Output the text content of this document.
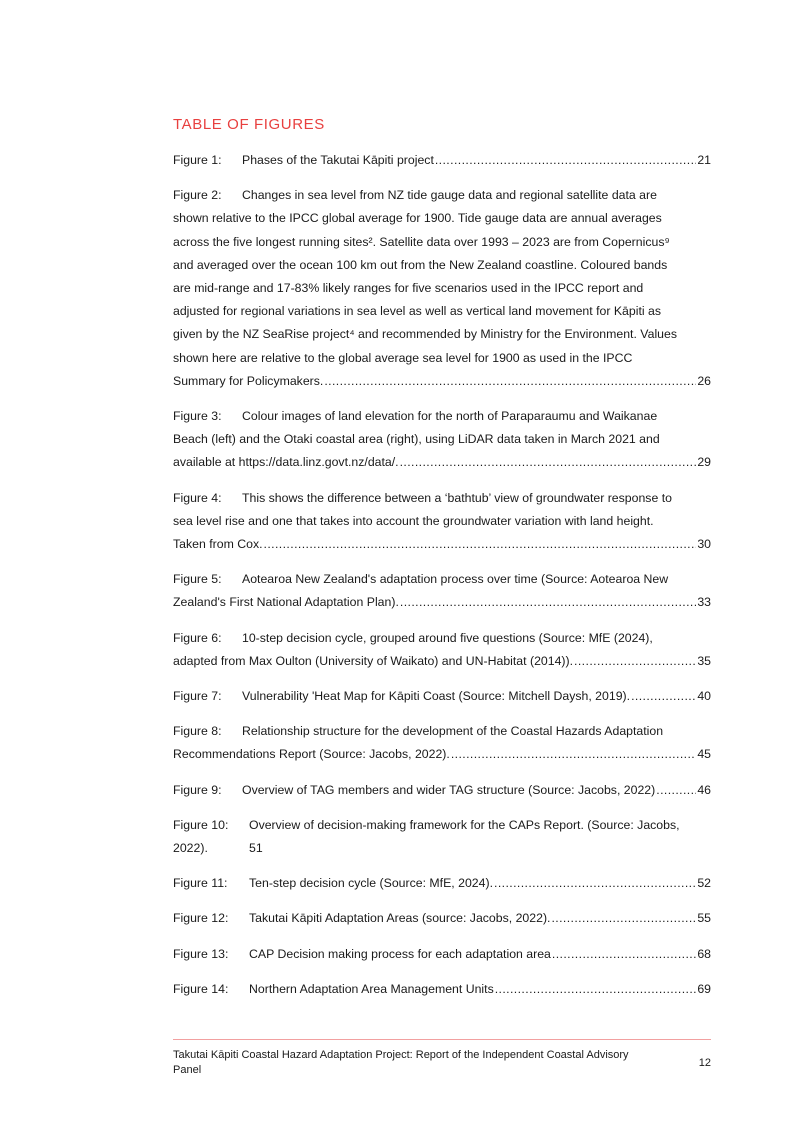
TABLE OF FIGURES
Figure 1: Phases of the Takutai Kāpiti project .....	21
Figure 2: Changes in sea level from NZ tide gauge data and regional satellite data are
shown relative to the IPCC global average for 1900. Tide gauge data are annual averages
across the five longest running sites². Satellite data over 1993 – 2023 are from Copernicus⁹
and averaged over the ocean 100 km out from the New Zealand coastline. Coloured bands
are mid-range and 17-83% likely ranges for five scenarios used in the IPCC report and
adjusted for regional variations in sea level as well as vertical land movement for Kāpiti as
given by the NZ SeaRise project⁴ and recommended by Ministry for the Environment. Values
shown here are relative to the global average sea level for 1900 as used in the IPCC
Summary for Policymakers. .....	26
Figure 3: Colour images of land elevation for the north of Paraparaumu and Waikanae
Beach (left) and the Otaki coastal area (right), using LiDAR data taken in March 2021 and
available at https://data.linz.govt.nz/data/. .....	29
Figure 4: This shows the difference between a ‘bathtub’ view of groundwater response to
sea level rise and one that takes into account the groundwater variation with land height.
Taken from Cox. .....	30
Figure 5: Aotearoa New Zealand's adaptation process over time (Source: Aotearoa New
Zealand's First National Adaptation Plan). .....	33
Figure 6: 10-step decision cycle, grouped around five questions (Source: MfE (2024),
adapted from Max Oulton (University of Waikato) and UN-Habitat (2014)). .....	35
Figure 7: Vulnerability 'Heat Map for Kāpiti Coast (Source: Mitchell Daysh, 2019). .....	40
Figure 8: Relationship structure for the development of the Coastal Hazards Adaptation
Recommendations Report (Source: Jacobs, 2022). .....	45
Figure 9: Overview of TAG members and wider TAG structure (Source: Jacobs, 2022) .....	46
Figure 10:	Overview of decision-making framework for the CAPs Report. (Source: Jacobs,
2022).	51
Figure 11: Ten-step decision cycle (Source: MfE, 2024). .....	52
Figure 12: Takutai Kāpiti Adaptation Areas (source: Jacobs, 2022). .....	55
Figure 13: CAP Decision making process for each adaptation area .....	68
Figure 14: Northern Adaptation Area Management Units .....	69
Takutai Kāpiti Coastal Hazard Adaptation Project: Report of the Independent Coastal Advisory Panel
12
